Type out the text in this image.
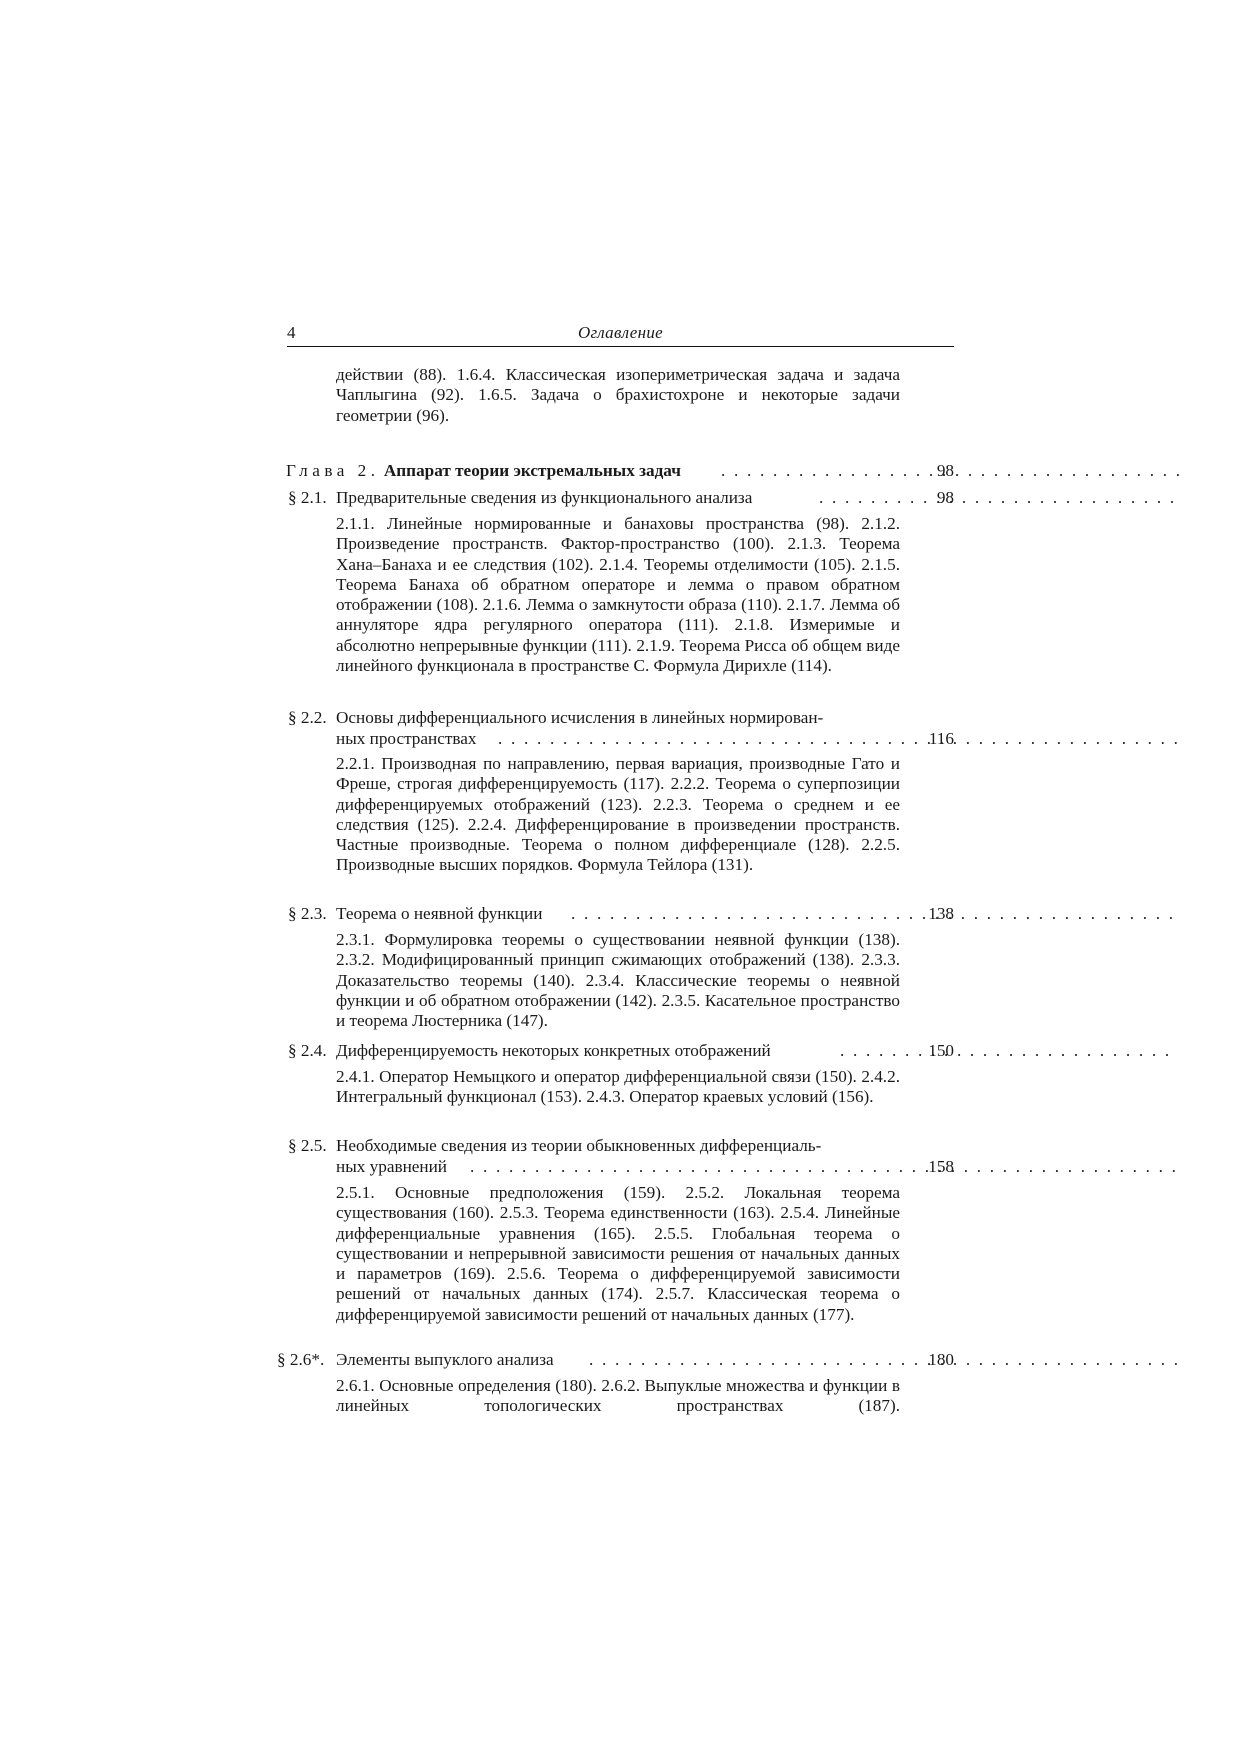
4	Оглавление
действии (88). 1.6.4. Классическая изопериметрическая задача и задача Чаплыгина (92). 1.6.5. Задача о брахистохроне и некоторые задачи геометрии (96).
Глава 2. Аппарат теории экстремальных задач . . .	98
§ 2.1. Предварительные сведения из функционального анализа . . .	98
2.1.1. Линейные нормированные и банаховы пространства (98). 2.1.2. Произведение пространств. Фактор-пространство (100). 2.1.3. Теорема Хана–Банаха и ее следствия (102). 2.1.4. Теоремы отделимости (105). 2.1.5. Теорема Банаха об обратном операторе и лемма о правом обратном отображении (108). 2.1.6. Лемма о замкнутости образа (110). 2.1.7. Лемма об аннуляторе ядра регулярного оператора (111). 2.1.8. Измеримые и абсолютно непрерывные функции (111). 2.1.9. Теорема Рисса об общем виде линейного функционала в пространстве C. Формула Дирихле (114).
§ 2.2. Основы дифференциального исчисления в линейных нормирован-
ных пространствах . . .	116
2.2.1. Производная по направлению, первая вариация, производные Гато и Фреше, строгая дифференцируемость (117). 2.2.2. Теорема о суперпозиции дифференцируемых отображений (123). 2.2.3. Теорема о среднем и ее следствия (125). 2.2.4. Дифференцирование в произведении пространств. Частные производные. Теорема о полном дифференциале (128). 2.2.5. Производные высших порядков. Формула Тейлора (131).
§ 2.3. Теорема о неявной функции . . .	138
2.3.1. Формулировка теоремы о существовании неявной функции (138). 2.3.2. Модифицированный принцип сжимающих отображений (138). 2.3.3. Доказательство теоремы (140). 2.3.4. Классические теоремы о неявной функции и об обратном отображении (142). 2.3.5. Касательное пространство и теорема Люстерника (147).
§ 2.4. Дифференцируемость некоторых конкретных отображений . . .	150
2.4.1. Оператор Немыцкого и оператор дифференциальной связи (150). 2.4.2. Интегральный функционал (153). 2.4.3. Оператор краевых условий (156).
§ 2.5. Необходимые сведения из теории обыкновенных дифференциаль-
ных уравнений . . .	158
2.5.1. Основные предположения (159). 2.5.2. Локальная теорема существования (160). 2.5.3. Теорема единственности (163). 2.5.4. Линейные дифференциальные уравнения (165). 2.5.5. Глобальная теорема о существовании и непрерывной зависимости решения от начальных данных и параметров (169). 2.5.6. Теорема о дифференцируемой зависимости решений от начальных данных (174). 2.5.7. Классическая теорема о дифференцируемой зависимости решений от начальных данных (177).
§ 2.6*. Элементы выпуклого анализа . . .	180
2.6.1. Основные определения (180). 2.6.2. Выпуклые множества и функции в линейных топологических пространствах (187).
